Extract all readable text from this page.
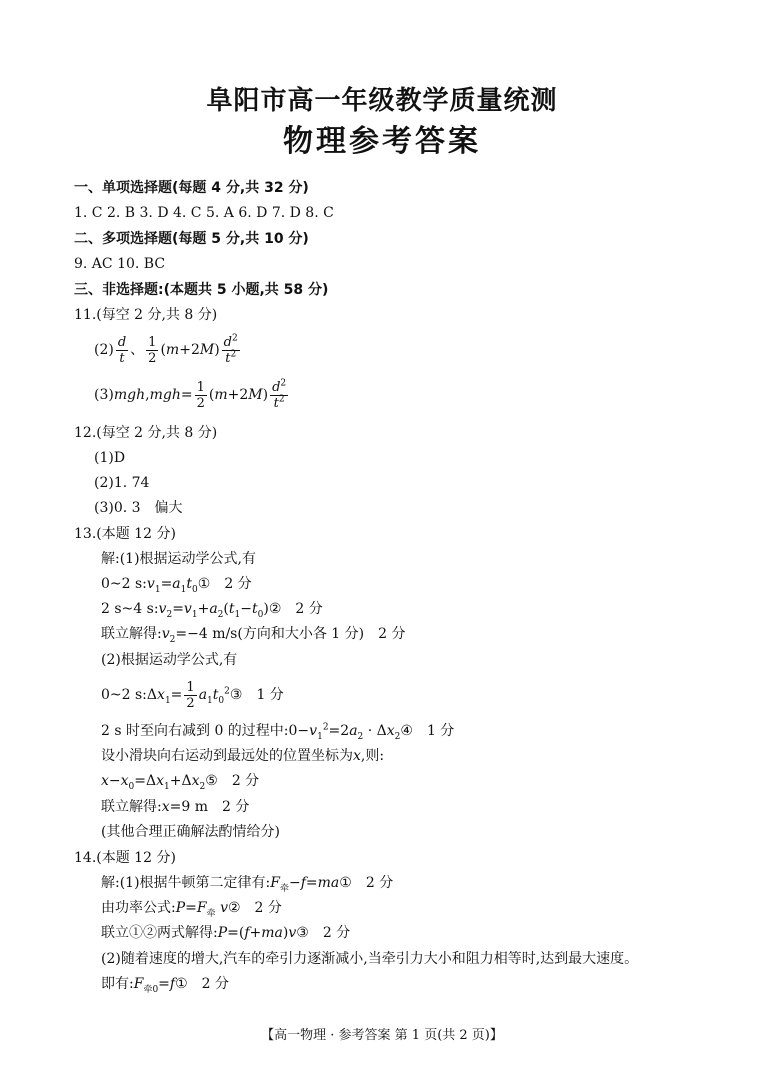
阜阳市高一年级教学质量统测
物理参考答案
一、单项选择题(每题 4 分,共 32 分)
1. C 2. B 3. D 4. C 5. A 6. D 7. D 8. C
二、多项选择题(每题 5 分,共 10 分)
9. AC 10. BC
三、非选择题:(本题共 5 小题,共 58 分)
11.(每空 2 分,共 8 分)
$(2) \frac{d}{t}$ 、 $\frac{1}{2} (m+2M) \frac{d^2}{t^2}$
$(3)mgh,mgh= \frac{1}{2} (m+2M) \frac{d^2}{t^2}$
12.(每空 2 分,共 8 分)
(1)D
(2)1. 74
(3)0. 3 偏大
13.(本题 12 分)
解:(1)根据运动学公式,有
0~2 $s:v_1=a_1t_0①$ 2 分
2 s~4 $s:v_2=v_1+a_2(t_1-t_0)②$ 2 分
联立解得$:v_2=-4$ m/s(方向和大小各 1 分) 2 分
(2)根据运动学公式,有
0~2 $s:\Delta x_1= \frac{1}{2}$ $a_1t_0^2③$ 1 分
2 s 时至向右减到 0 的过程中$:0-v_1^2=2a_2$ · $\Delta x_2④$ 1 分
设小滑块向右运动到最远处的位置坐标为x,则:
$x-x_0=\Delta x_1+\Delta x_2⑤$ 2 分
联立解得:x=9 m 2 分
(其他合理正确解法酌情给分)
14.(本题 12 分)
解:(1)根据牛顿第二定律有$:F_牵-f=ma①$ 2 分
由功率公式$:P=F_牵$ v② 2 分
联立①②两式解得:P=(f+ma)v③ 2 分
(2)随着速度的增大,汽车的牵引力逐渐减小,当牵引力大小和阻力相等时,达到最大速度。
即有$:F_{牵0}=f①$ 2 分
【高一物理 · 参考答案 第 1 页(共 2 页)】
